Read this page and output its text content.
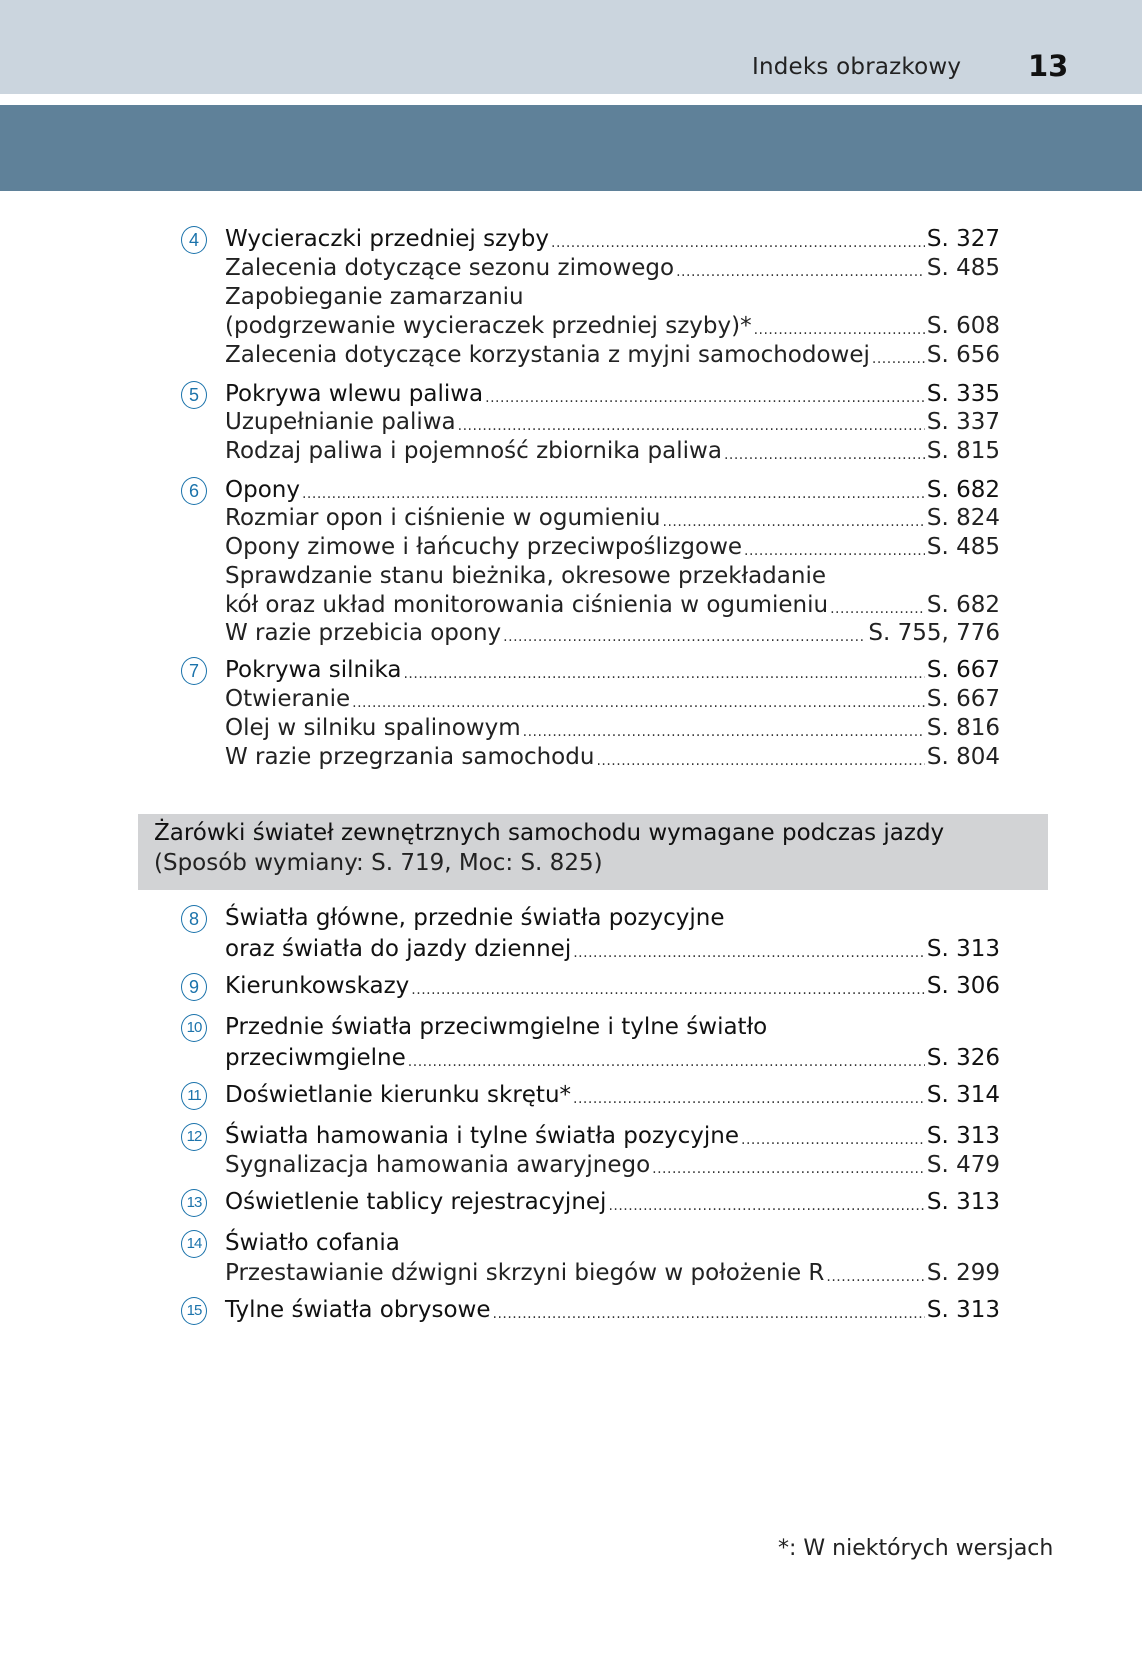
Indeks obrazkowy 13
4	Wycieraczki przedniej szyby .....	S. 327
Zalecenia dotyczące sezonu zimowego .....	S. 485
Zapobieganie zamarzaniu
(podgrzewanie wycieraczek przedniej szyby)* .....	S. 608
Zalecenia dotyczące korzystania z myjni samochodowej ..... S. 656
5	Pokrywa wlewu paliwa .....	S. 335
Uzupełnianie paliwa .....	S. 337
Rodzaj paliwa i pojemność zbiornika paliwa .....	S. 815
6	Opony .....	S. 682
Rozmiar opon i ciśnienie w ogumieniu .....	S. 824
Opony zimowe i łańcuchy przeciwpoślizgowe .....	S. 485
Sprawdzanie stanu bieżnika, okresowe przekładanie
kół oraz układ monitorowania ciśnienia w ogumieniu .....	S. 682
W razie przebicia opony .....	S. 755, 776
7	Pokrywa silnika .....	S. 667
Otwieranie .....	S. 667
Olej w silniku spalinowym .....	S. 816
W razie przegrzania samochodu .....	S. 804
Żarówki świateł zewnętrznych samochodu wymagane podczas jazdy
(Sposób wymiany: S. 719, Moc: S. 825)
8	Światła główne, przednie światła pozycyjne
oraz światła do jazdy dziennej .....	S. 313
9	Kierunkowskazy .....	S. 306
10 Przednie światła przeciwmgielne i tylne światło
przeciwmgielne .....	S. 326
11 Doświetlanie kierunku skrętu* .....	S. 314
12 Światła hamowania i tylne światła pozycyjne .....	S. 313
Sygnalizacja hamowania awaryjnego .....	S. 479
13 Oświetlenie tablicy rejestracyjnej .....	S. 313
14 Światło cofania
Przestawianie dźwigni skrzyni biegów w położenie R .....	S. 299
15 Tylne światła obrysowe .....	S. 313
*: W niektórych wersjach
